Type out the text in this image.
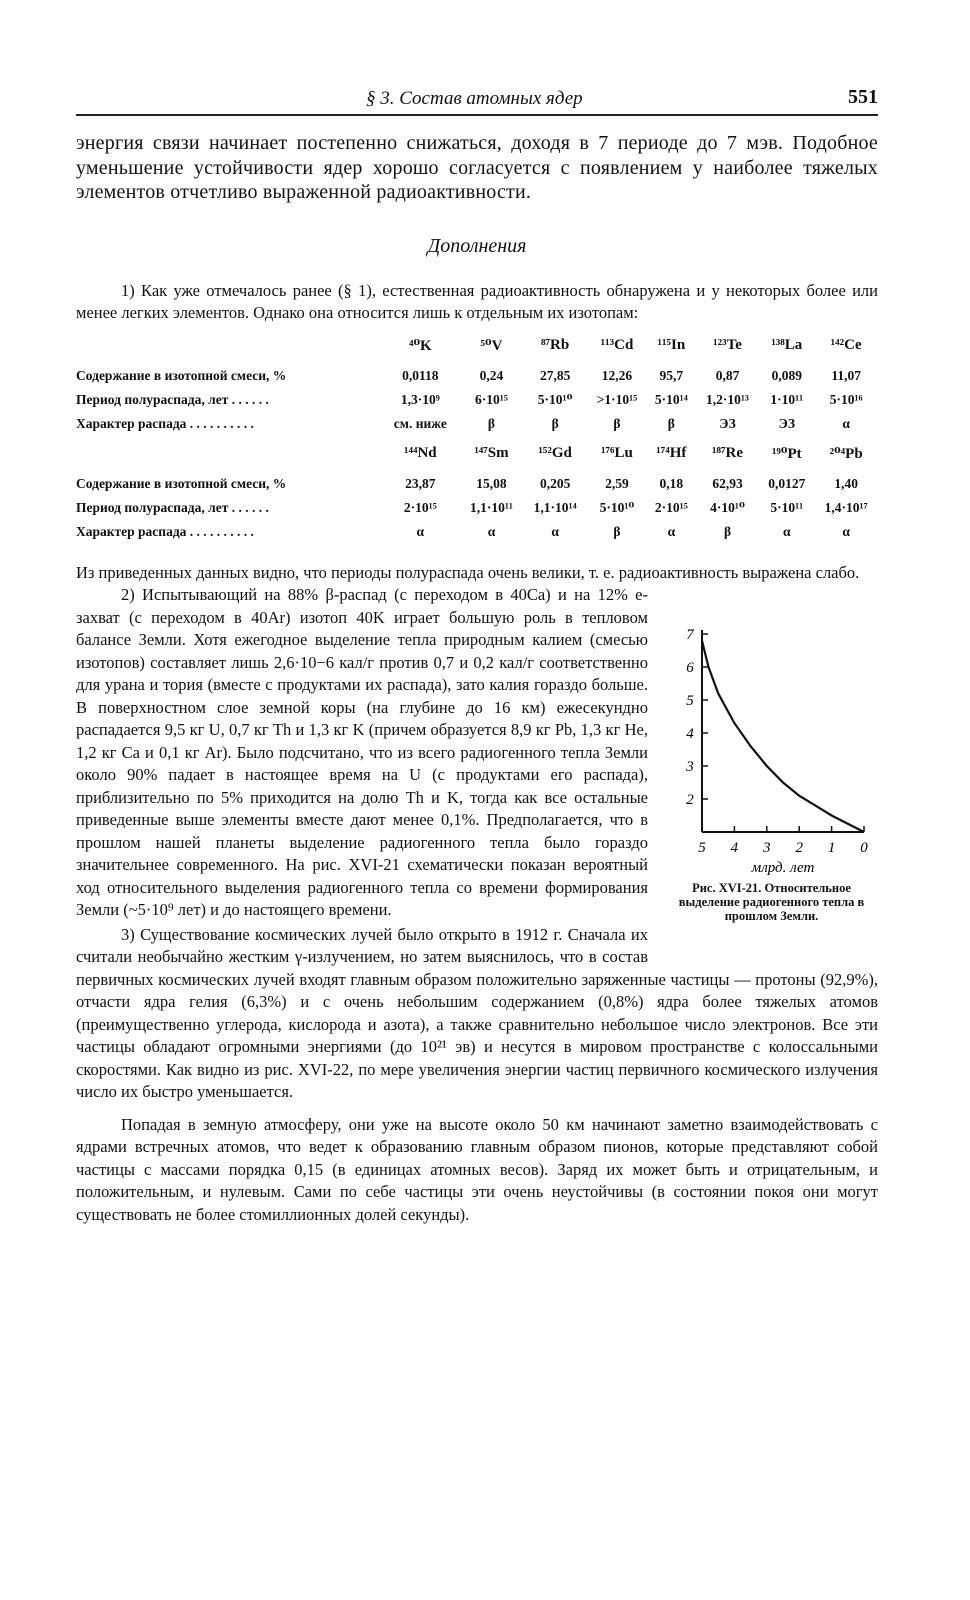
§ 3. Состав атомных ядер	551

энергия связи начинает постепенно снижаться, доходя в 7 периоде до 7 мэв. Подобное уменьшение устойчивости ядер хорошо согласуется с появлением у наиболее тяжелых элементов отчетливо выраженной радиоактивности.

Дополнения

1) Как уже отмечалось ранее (§ 1), естественная радиоактивность обнаружена и у некоторых более или менее легких элементов. Однако она относится лишь к отдельным их изотопам:

	⁴⁰K	⁵⁰V	⁸⁷Rb	¹¹³Cd	¹¹⁵In	¹²³Te	¹³⁸La	¹⁴²Ce
Содержание в изотопной смеси, %	0,0118	0,24	27,85	12,26	95,7	0,87	0,089	11,07
Период полураспада, лет . . . . . .	1,3·10⁹	6·10¹⁵	5·10¹⁰	>1·10¹⁵	5·10¹⁴	1,2·10¹³	1·10¹¹	5·10¹⁶
Характер распада . . . . . . . . . .	см. ниже	β	β	β	β	ЭЗ	ЭЗ	α
	¹⁴⁴Nd	¹⁴⁷Sm	¹⁵²Gd	¹⁷⁶Lu	¹⁷⁴Hf	¹⁸⁷Re	¹⁹⁰Pt	²⁰⁴Pb
Содержание в изотопной смеси, %	23,87	15,08	0,205	2,59	0,18	62,93	0,0127	1,40
Период полураспада, лет . . . . . .	2·10¹⁵	1,1·10¹¹	1,1·10¹⁴	5·10¹⁰	2·10¹⁵	4·10¹⁰	5·10¹¹	1,4·10¹⁷
Характер распада . . . . . . . . . .	α	α	α	β	α	β	α	α

Из приведенных данных видно, что периоды полураспада очень велики, т. е. радиоактивность выражена слабо.

2) Испытывающий на 88% β-распад (с переходом в 40Ca) и на 12% e-захват (с переходом в 40Ar) изотоп 40K играет большую роль в тепловом балансе Земли. Хотя ежегодное выделение тепла природным калием (смесью изотопов) составляет лишь 2,6·10−6 кал/г против 0,7 и 0,2 кал/г соответственно для урана и тория (вместе с продуктами их распада), зато калия гораздо больше. В поверхностном слое земной коры (на глубине до 16 км) ежесекундно распадается 9,5 кг U, 0,7 кг Th и 1,3 кг K (причем образуется 8,9 кг Pb, 1,3 кг He, 1,2 кг Ca и 0,1 кг Ar). Было подсчитано, что из всего радиогенного тепла Земли около 90% падает в настоящее время на U (с продуктами его распада), приблизительно по 5% приходится на долю Th и K, тогда как все остальные приведенные выше элементы вместе дают менее 0,1%. Предполагается, что в прошлом нашей планеты выделение радиогенного тепла было гораздо значительнее современного. На рис. XVI-21 схематически показан вероятный ход относительного выделения радиогенного тепла со времени формирования Земли (~5·10⁹ лет) и до настоящего времени.

3) Существование космических лучей было открыто в 1912 г. Сначала их считали необычайно жестким γ-излучением, но затем выяснилось, что в состав первичных космических лучей входят главным образом положительно заряженные частицы — протоны (92,9%), отчасти ядра гелия (6,3%) и с очень небольшим содержанием (0,8%) ядра более тяжелых атомов (преимущественно углерода, кислорода и азота), а также сравнительно небольшое число электронов. Все эти частицы обладают огромными энергиями (до 10²¹ эв) и несутся в мировом пространстве с колоссальными скоростями. Как видно из рис. XVI-22, по мере увеличения энергии частиц первичного космического излучения число их быстро уменьшается.

Попадая в земную атмосферу, они уже на высоте около 50 км начинают заметно взаимодействовать с ядрами встречных атомов, что ведет к образованию главным образом пионов, которые представляют собой частицы с массами порядка 0,15 (в единицах атомных весов). Заряд их может быть и отрицательным, и положительным, и нулевым. Сами по себе частицы эти очень неустойчивы (в состоянии покоя они могут существовать не более стомиллионных долей секунды).

2
3
4
5
6
7
5 4 3 2 1 0
млрд. лет
Рис. XVI-21. Относительное выделение радиогенного тепла в прошлом Земли.
